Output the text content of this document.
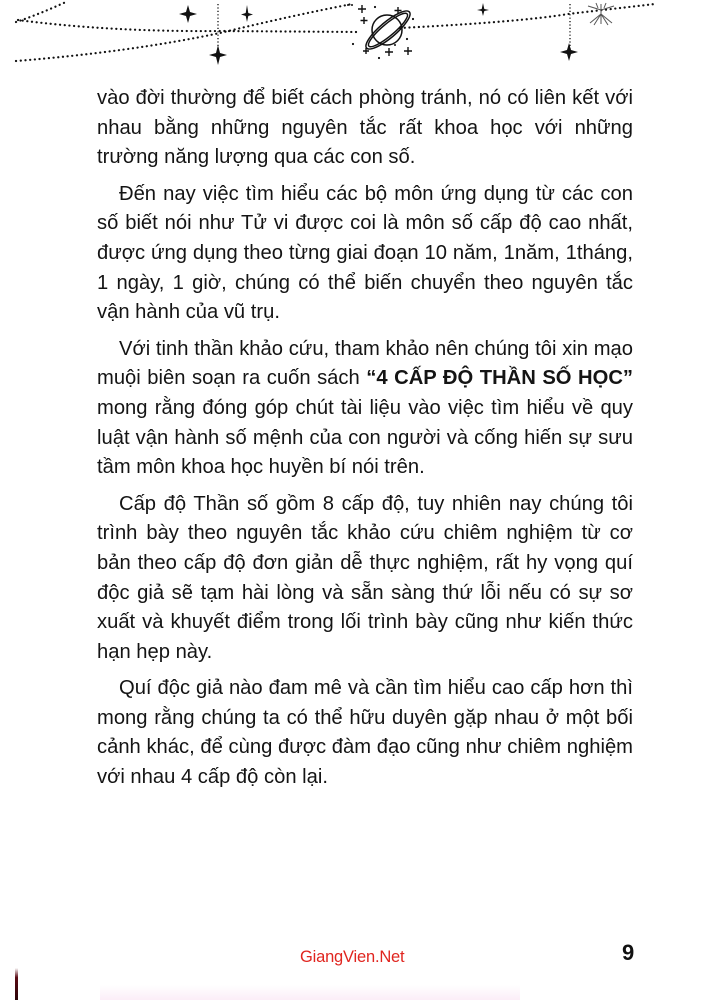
vào đời thường để biết cách phòng tránh, nó có liên kết với nhau bằng những nguyên tắc rất khoa học với những trường năng lượng qua các con số.

Đến nay việc tìm hiểu các bộ môn ứng dụng từ các con số biết nói như Tử vi được coi là môn số cấp độ cao nhất, được ứng dụng theo từng giai đoạn 10 năm, 1năm, 1tháng, 1 ngày, 1 giờ, chúng có thể biến chuyển theo nguyên tắc vận hành của vũ trụ.

Với tinh thần khảo cứu, tham khảo nên chúng tôi xin mạo muội biên soạn ra cuốn sách “4 CẤP ĐỘ THẦN SỐ HỌC” mong rằng đóng góp chút tài liệu vào việc tìm hiểu về quy luật vận hành số mệnh của con người và cống hiến sự sưu tầm môn khoa học huyền bí nói trên.

Cấp độ Thần số gồm 8 cấp độ, tuy nhiên nay chúng tôi trình bày theo nguyên tắc khảo cứu chiêm nghiệm từ cơ bản theo cấp độ đơn giản dễ thực nghiệm, rất hy vọng quí độc giả sẽ tạm hài lòng và sẵn sàng thứ lỗi nếu có sự sơ xuất và khuyết điểm trong lối trình bày cũng như kiến thức hạn hẹp này.

Quí độc giả nào đam mê và cần tìm hiểu cao cấp hơn thì mong rằng chúng ta có thể hữu duyên gặp nhau ở một bối cảnh khác, để cùng được đàm đạo cũng như chiêm nghiệm với nhau 4 cấp độ còn lại.

GiangVien.Net	9
